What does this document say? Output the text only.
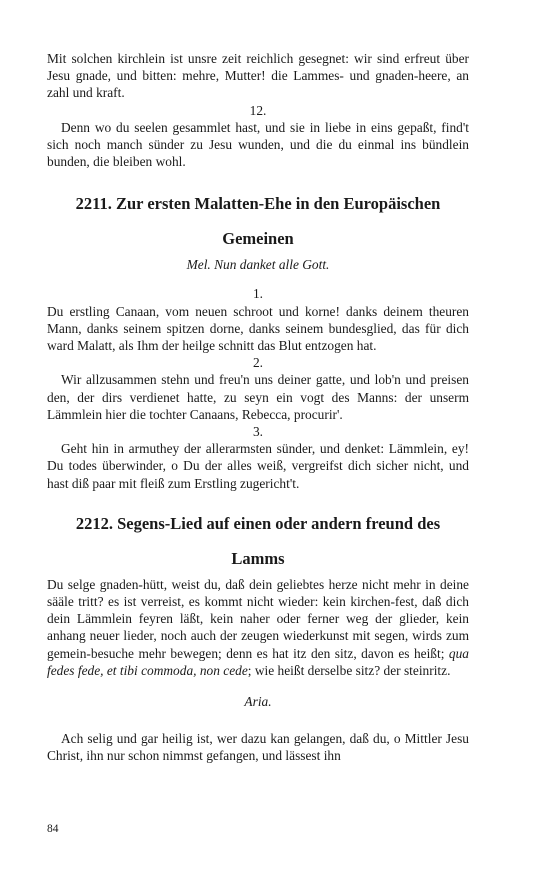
Mit solchen kirchlein ist unsre zeit reichlich gesegnet: wir sind erfreut über Jesu gnade, und bitten: mehre, Mutter! die Lammes- und gnaden-heere, an zahl und kraft.

12.

Denn wo du seelen gesammlet hast, und sie in liebe in eins gepaßt, find't sich noch manch sünder zu Jesu wunden, und die du einmal ins bündlein bunden, die bleiben wohl.

2211. Zur ersten Malatten-Ehe in den Europäischen
Gemeinen

Mel. Nun danket alle Gott.

1.

Du erstling Canaan, vom neuen schroot und korne! danks deinem theuren Mann, danks seinem spitzen dorne, danks seinem bundesglied, das für dich ward Malatt, als Ihm der heilge schnitt das Blut entzogen hat.

2.

Wir allzusammen stehn und freu'n uns deiner gatte, und lob'n und preisen den, der dirs verdienet hatte, zu seyn ein vogt des Manns: der unserm Lämmlein hier die tochter Canaans, Rebecca, procurir'.

3.

Geht hin in armuthey der allerarmsten sünder, und denket: Lämmlein, ey! Du todes überwinder, o Du der alles weiß, vergreifst dich sicher nicht, und hast diß paar mit fleiß zum Erstling zugericht't.

2212. Segens-Lied auf einen oder andern freund des
Lamms

Du selge gnaden-hütt, weist du, daß dein geliebtes herze nicht mehr in deine sääle tritt? es ist verreist, es kommt nicht wieder: kein kirchen-fest, daß dich dein Lämmlein feyren läßt, kein naher oder ferner weg der glieder, kein anhang neuer lieder, noch auch der zeugen wiederkunst mit segen, wirds zum gemein-besuche mehr bewegen; denn es hat itz den sitz, davon es heißt; qua fedes fede, et tibi commoda, non cede; wie heißt derselbe sitz? der steinritz.

Aria.

Ach selig und gar heilig ist, wer dazu kan gelangen, daß du, o Mittler Jesu Christ, ihn nur schon nimmst gefangen, und lässest ihn

84
